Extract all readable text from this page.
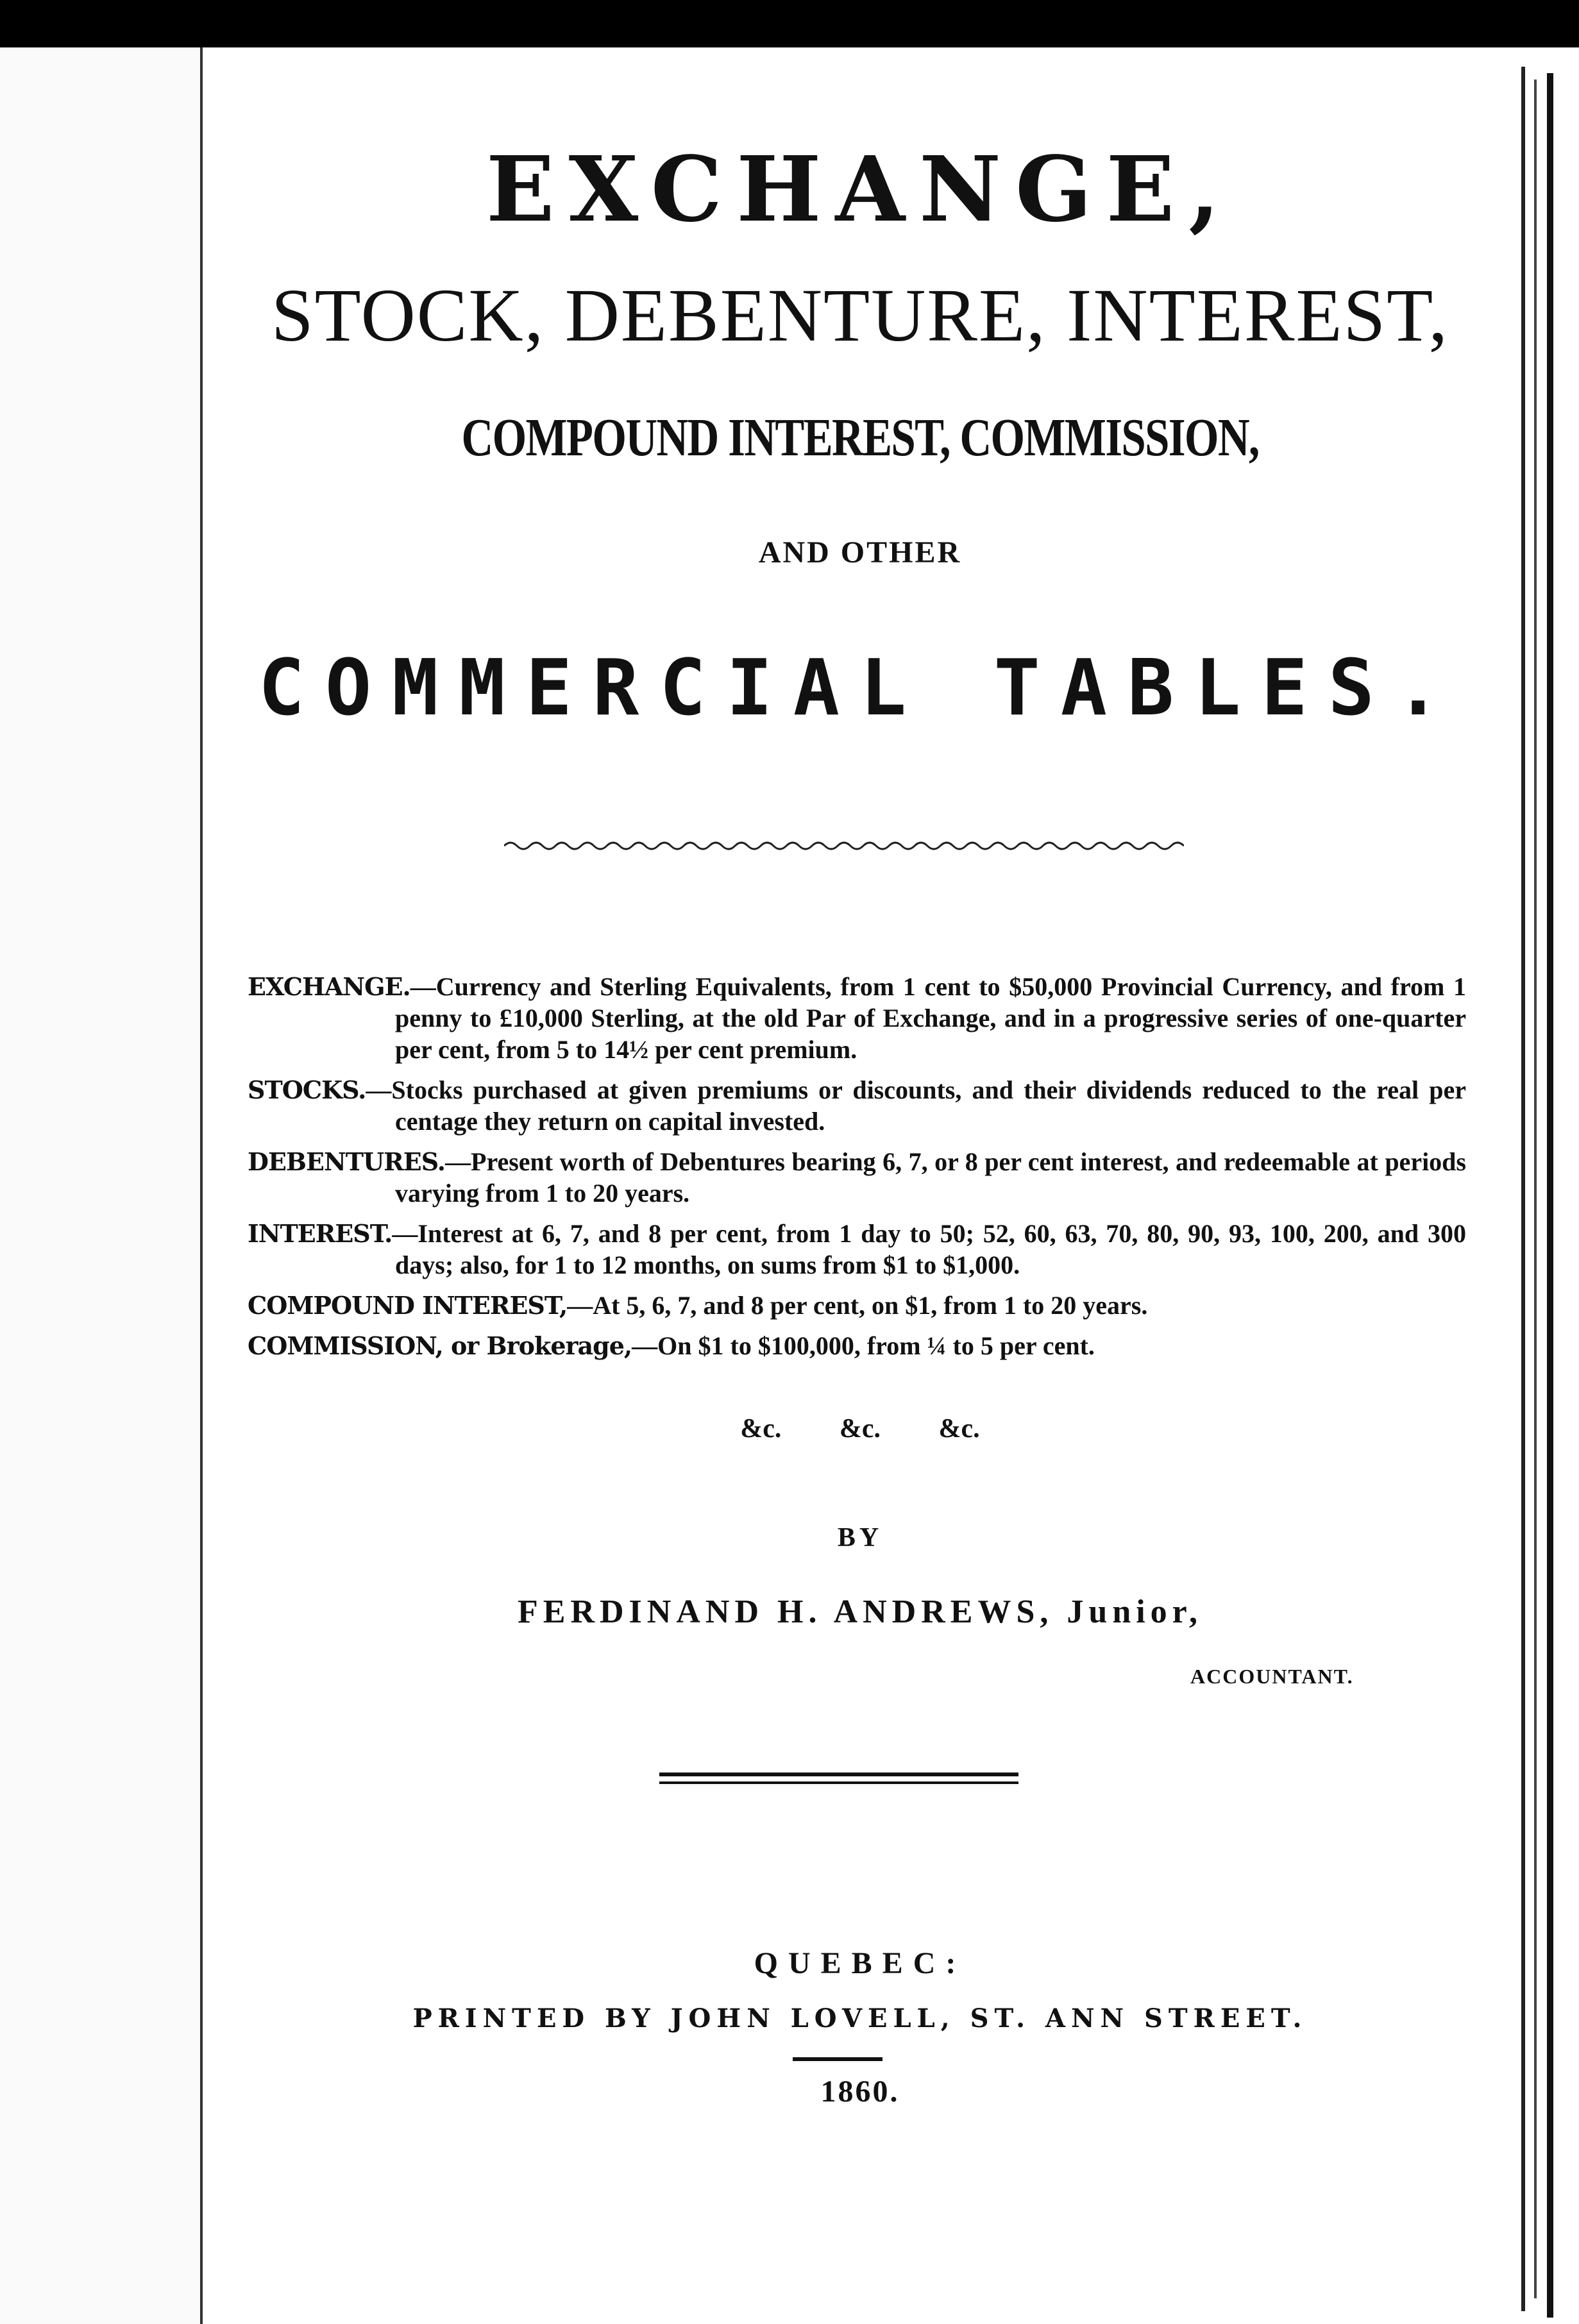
EXCHANGE,
STOCK, DEBENTURE, INTEREST,
COMPOUND INTEREST, COMMISSION,
AND OTHER
COMMERCIAL TABLES.
EXCHANGE.—Currency and Sterling Equivalents, from 1 cent to $50,000 Provincial Currency, and from 1 penny to £10,000 Sterling, at the old Par of Exchange, and in a progressive series of one-quarter per cent, from 5 to 14½ per cent premium.
STOCKS.—Stocks purchased at given premiums or discounts, and their dividends reduced to the real per centage they return on capital invested.
DEBENTURES.—Present worth of Debentures bearing 6, 7, or 8 per cent interest, and redeemable at periods varying from 1 to 20 years.
INTEREST.—Interest at 6, 7, and 8 per cent, from 1 day to 50; 52, 60, 63, 70, 80, 90, 93, 100, 200, and 300 days; also, for 1 to 12 months, on sums from $1 to $1,000.
COMPOUND INTEREST,—At 5, 6, 7, and 8 per cent, on $1, from 1 to 20 years.
COMMISSION, or Brokerage,—On $1 to $100,000, from ¼ to 5 per cent.
&c. &c. &c.
BY
FERDINAND H. ANDREWS, Junior,
ACCOUNTANT.
QUEBEC:
PRINTED BY JOHN LOVELL, ST. ANN STREET.
1860.
